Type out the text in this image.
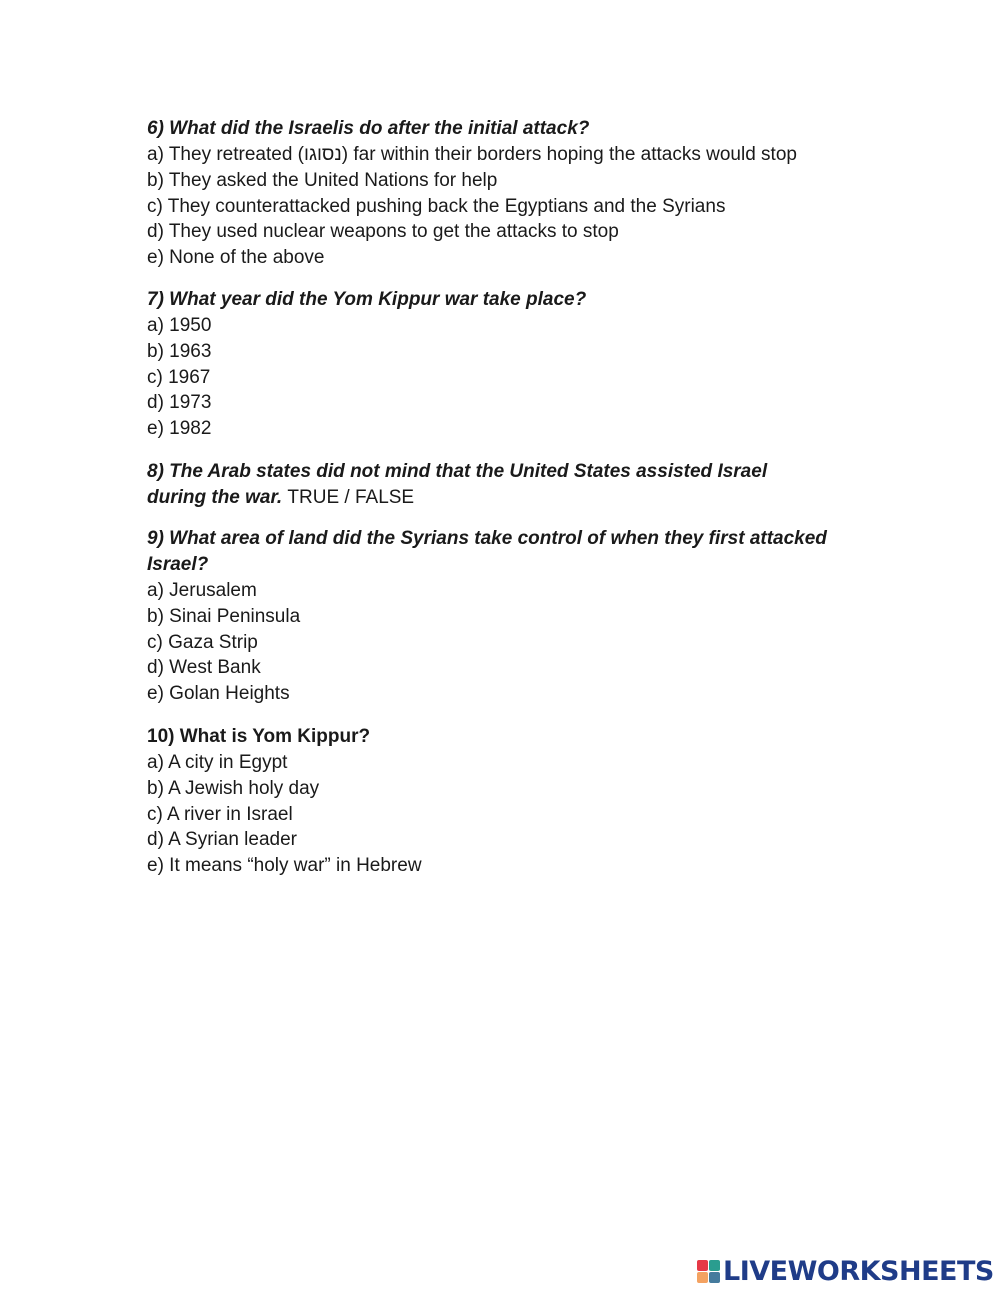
6) What did the Israelis do after the initial attack?

a) They retreated (נסוגו) far within their borders hoping the attacks would stop

b) They asked the United Nations for help

c) They counterattacked pushing back the Egyptians and the Syrians

d) They used nuclear weapons to get the attacks to stop

e) None of the above

7) What year did the Yom Kippur war take place?

a) 1950

b) 1963

c) 1967

d) 1973

e) 1982

8) The Arab states did not mind that the United States assisted Israel during the war. TRUE / FALSE

9) What area of land did the Syrians take control of when they first attacked Israel?

a) Jerusalem

b) Sinai Peninsula

c) Gaza Strip

d) West Bank

e) Golan Heights

10) What is Yom Kippur?

a) A city in Egypt

b) A Jewish holy day

c) A river in Israel

d) A Syrian leader

e) It means “holy war” in Hebrew

LIVEWORKSHEETS
